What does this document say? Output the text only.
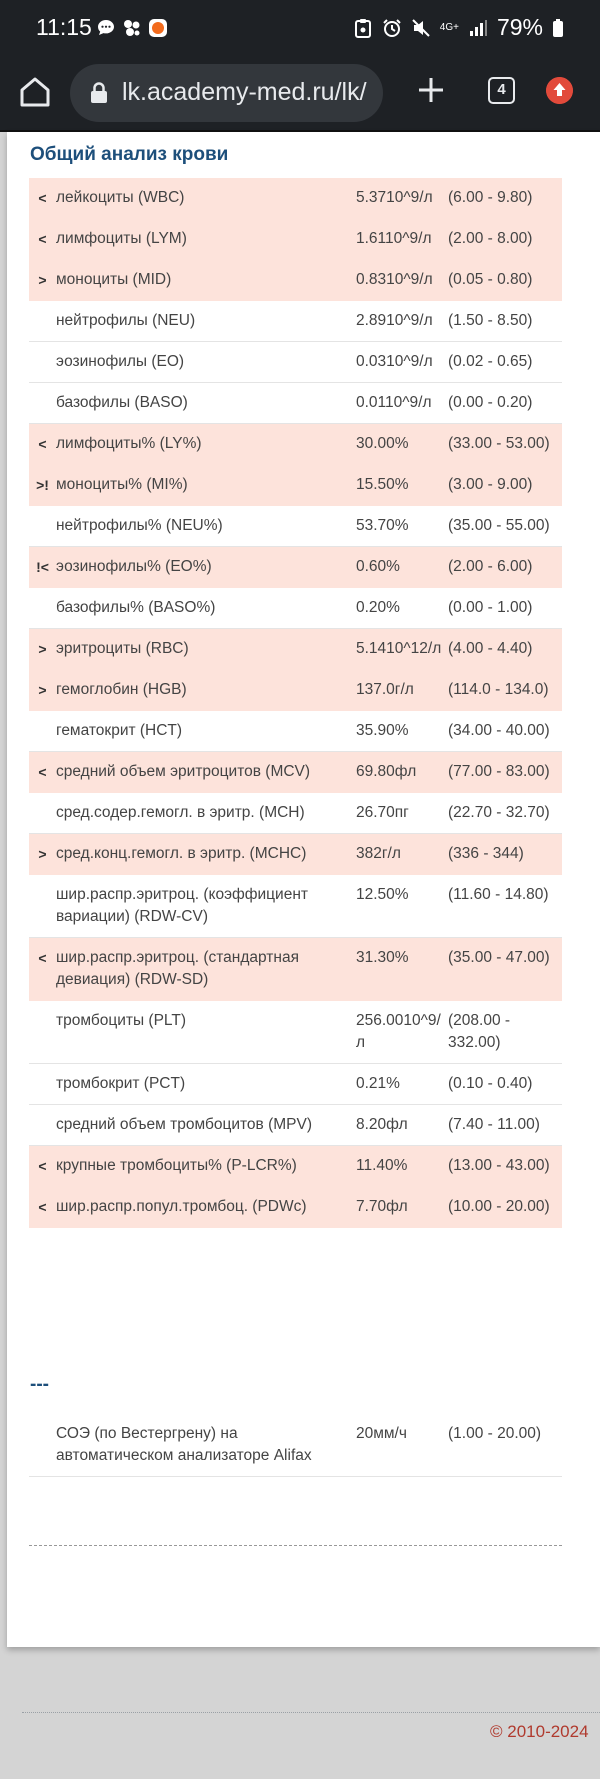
11:15	4G+ 79%
lk.academy-med.ru/lk/	4
Общий анализ крови
< лейкоциты (WBC)	5.3710^9/л (6.00 - 9.80)
< лимфоциты (LYM)	1.6110^9/л	(2.00 - 8.00)
> моноциты (MID)	0.8310^9/л (0.05 - 0.80)
нейтрофилы (NEU)	2.8910^9/л (1.50 - 8.50)
эозинофилы (EO)	0.0310^9/л (0.02 - 0.65)
базофилы (BASO)	0.0110^9/л	(0.00 - 0.20)
< лимфоциты% (LY%)	30.00%	(33.00 - 53.00)
>! моноциты% (MI%)	15.50%	(3.00 - 9.00)
нейтрофилы% (NEU%)	53.70%	(35.00 - 55.00)
!< эозинофилы% (EO%)	0.60%	(2.00 - 6.00)
базофилы% (BASO%)	0.20%	(0.00 - 1.00)
> эритроциты (RBC)	5.1410^12/л (4.00 - 4.40)
> гемоглобин (HGB)	137.0г/л	(114.0 - 134.0)
гематокрит (HCT)	35.90%	(34.00 - 40.00)
< средний объем эритроцитов (MCV)	69.80фл	(77.00 - 83.00)
сред.содер.гемогл. в эритр. (MCH)	26.70пг	(22.70 - 32.70)
> сред.конц.гемогл. в эритр. (MCHC)	382г/л	(336 - 344)
шир.распр.эритроц. (коэффициент вариации) (RDW-CV)
12.50%	(11.60 - 14.80)
< шир.распр.эритроц. (стандартная девиация) (RDW-SD)
31.30%	(35.00 - 47.00)
тромбоциты (PLT)	256.0010^9/л
(208.00 - 332.00)
тромбокрит (PCT)	0.21%	(0.10 - 0.40)
средний объем тромбоцитов (MPV)	8.20фл	(7.40 - 11.00)
< крупные тромбоциты% (P-LCR%)	11.40%	(13.00 - 43.00)
< шир.распр.попул.тромбоц. (PDWc)	7.70фл	(10.00 - 20.00)
---
СОЭ (по Вестергрену) на автоматическом анализаторе Alifax
20мм/ч	(1.00 - 20.00)
© 2010-2024
